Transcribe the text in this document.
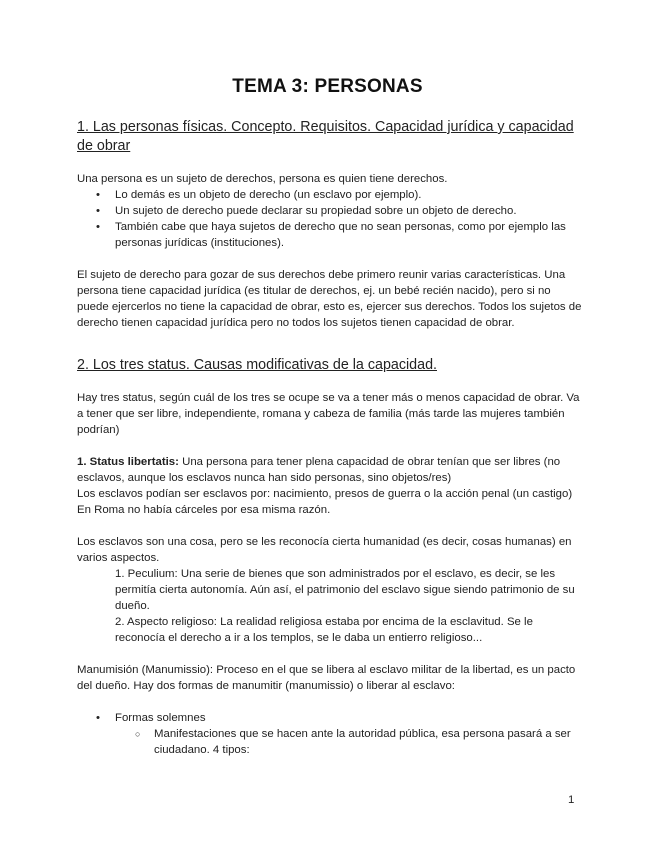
TEMA 3: PERSONAS

1. Las personas físicas. Concepto. Requisitos. Capacidad jurídica y capacidad de obrar

Una persona es un sujeto de derechos, persona es quien tiene derechos.
• Lo demás es un objeto de derecho (un esclavo por ejemplo).
• Un sujeto de derecho puede declarar su propiedad sobre un objeto de derecho.
• También cabe que haya sujetos de derecho que no sean personas, como por ejemplo las personas jurídicas (instituciones).
El sujeto de derecho para gozar de sus derechos debe primero reunir varias características. Una persona tiene capacidad jurídica (es titular de derechos, ej. un bebé recién nacido), pero si no puede ejercerlos no tiene la capacidad de obrar, esto es, ejercer sus derechos. Todos los sujetos de derecho tienen capacidad jurídica pero no todos los sujetos tienen capacidad de obrar.

2. Los tres status. Causas modificativas de la capacidad.

Hay tres status, según cuál de los tres se ocupe se va a tener más o menos capacidad de obrar. Va a tener que ser libre, independiente, romana y cabeza de familia (más tarde las mujeres también podrían)
1. Status libertatis: Una persona para tener plena capacidad de obrar tenían que ser libres (no esclavos, aunque los esclavos nunca han sido personas, sino objetos/res)
Los esclavos podían ser esclavos por: nacimiento, presos de guerra o la acción penal (un castigo) En Roma no había cárceles por esa misma razón.
Los esclavos son una cosa, pero se les reconocía cierta humanidad (es decir, cosas humanas) en varios aspectos.
1. Peculium: Una serie de bienes que son administrados por el esclavo, es decir, se les permitía cierta autonomía. Aún así, el patrimonio del esclavo sigue siendo patrimonio de su dueño.
2. Aspecto religioso: La realidad religiosa estaba por encima de la esclavitud. Se le reconocía el derecho a ir a los templos, se le daba un entierro religioso...
Manumisión (Manumissio): Proceso en el que se libera al esclavo militar de la libertad, es un pacto del dueño. Hay dos formas de manumitir (manumissio) o liberar al esclavo:
• Formas solemnes
○ Manifestaciones que se hacen ante la autoridad pública, esa persona pasará a ser ciudadano. 4 tipos:
1
